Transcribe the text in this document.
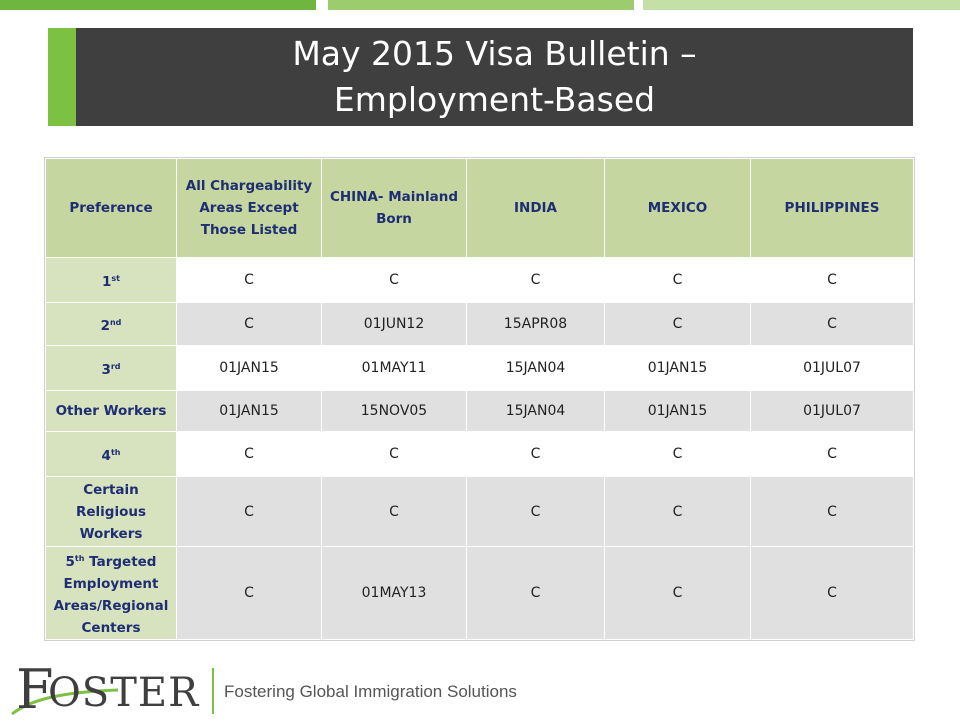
May 2015 Visa Bulletin –
Employment-Based
Preference	All Chargeability Areas Except Those Listed	CHINA- Mainland Born	INDIA	MEXICO	PHILIPPINES
1st	C	C	C	C	C
2nd	C	01JUN12	15APR08	C	C
3rd	01JAN15	01MAY11	15JAN04	01JAN15	01JUL07
Other Workers	01JAN15	15NOV05	15JAN04	01JAN15	01JUL07
4th	C	C	C	C	C
Certain Religious Workers	C	C	C	C	C
5th Targeted Employment Areas/Regional Centers	C	01MAY13	C	C	C
F
OSTER Fostering Global Immigration Solutions
